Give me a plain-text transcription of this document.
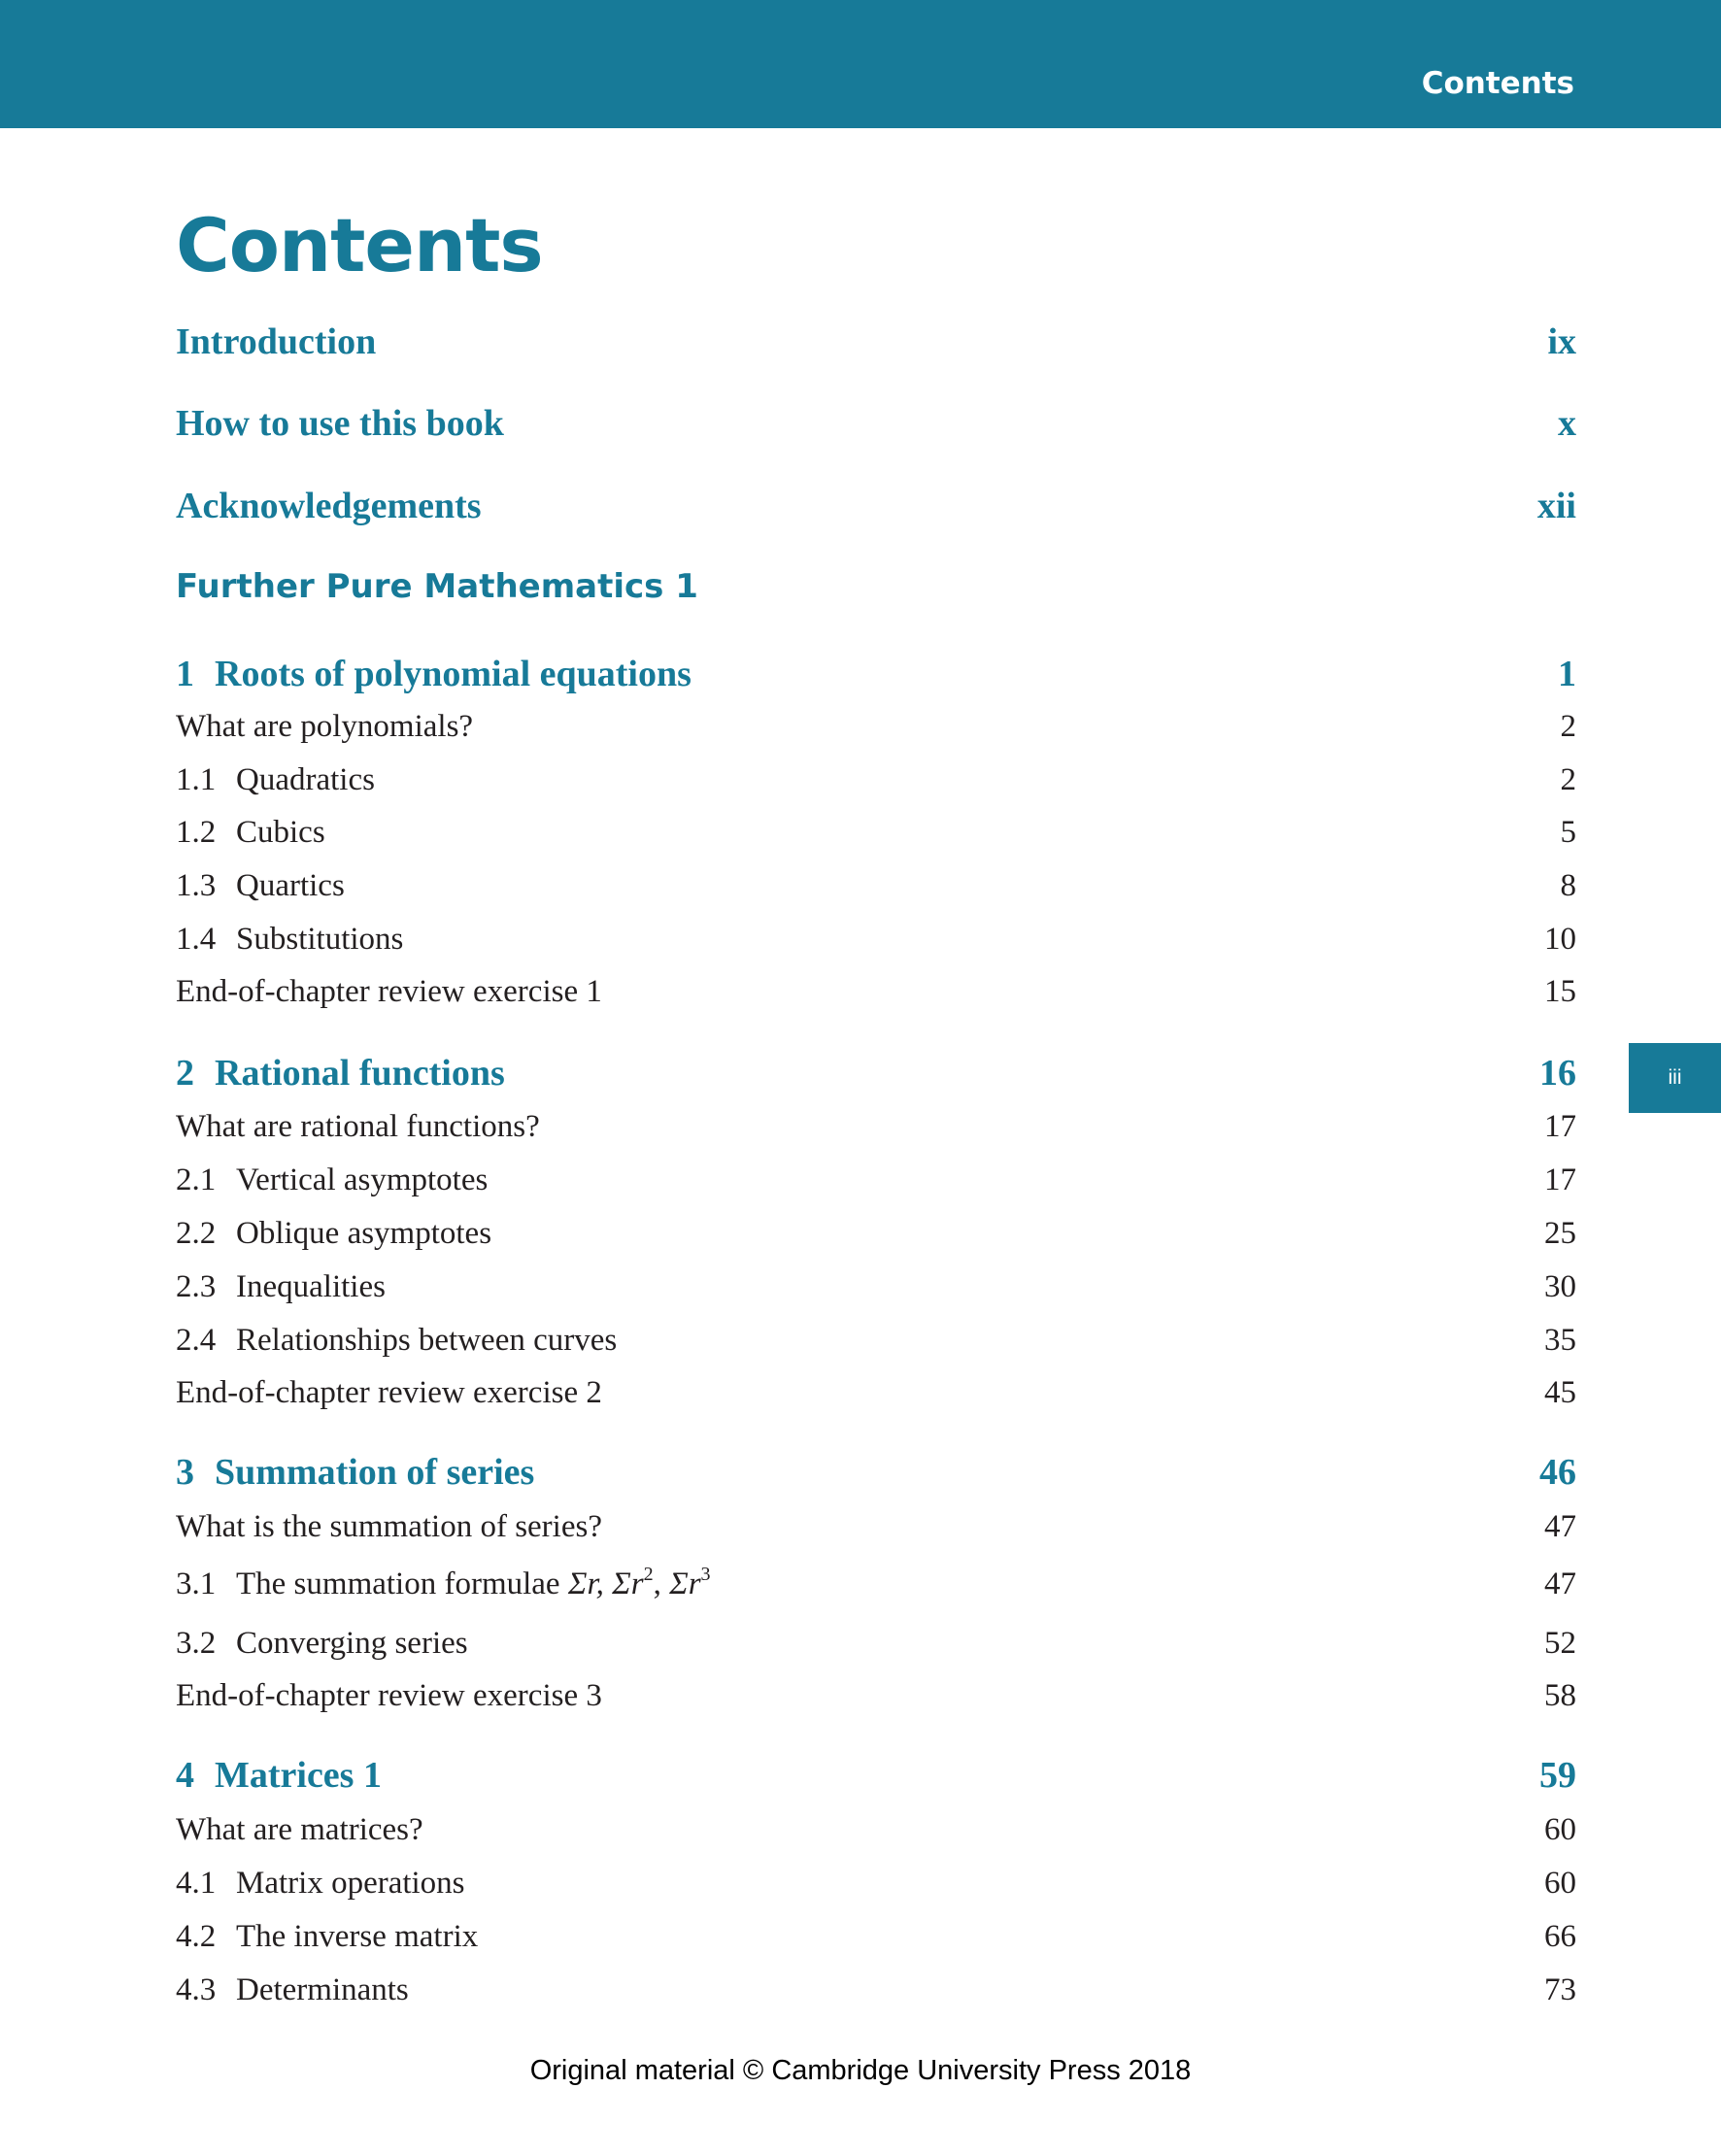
Contents
iii
Contents
Introduction	ix
How to use this book	x
Acknowledgements	xii
Further Pure Mathematics 1
1 Roots of polynomial equations	1
What are polynomials?	2
1.1 Quadratics	2
1.2 Cubics	5
1.3 Quartics	8
1.4 Substitutions	10
End-of-chapter review exercise 1	15
2 Rational functions	16
What are rational functions?	17
2.1 Vertical asymptotes	17
2.2 Oblique asymptotes	25
2.3 Inequalities	30
2.4 Relationships between curves	35
End-of-chapter review exercise 2	45
3 Summation of series	46
What is the summation of series?	47
3.1 The summation formulae Σr, $\Sigma r^2$, $\Sigma r^3$	47
3.2 Converging series	52
End-of-chapter review exercise 3	58
4 Matrices 1	59
What are matrices?	60
4.1 Matrix operations	60
4.2 The inverse matrix	66
4.3 Determinants	73
Original material © Cambridge University Press 2018
